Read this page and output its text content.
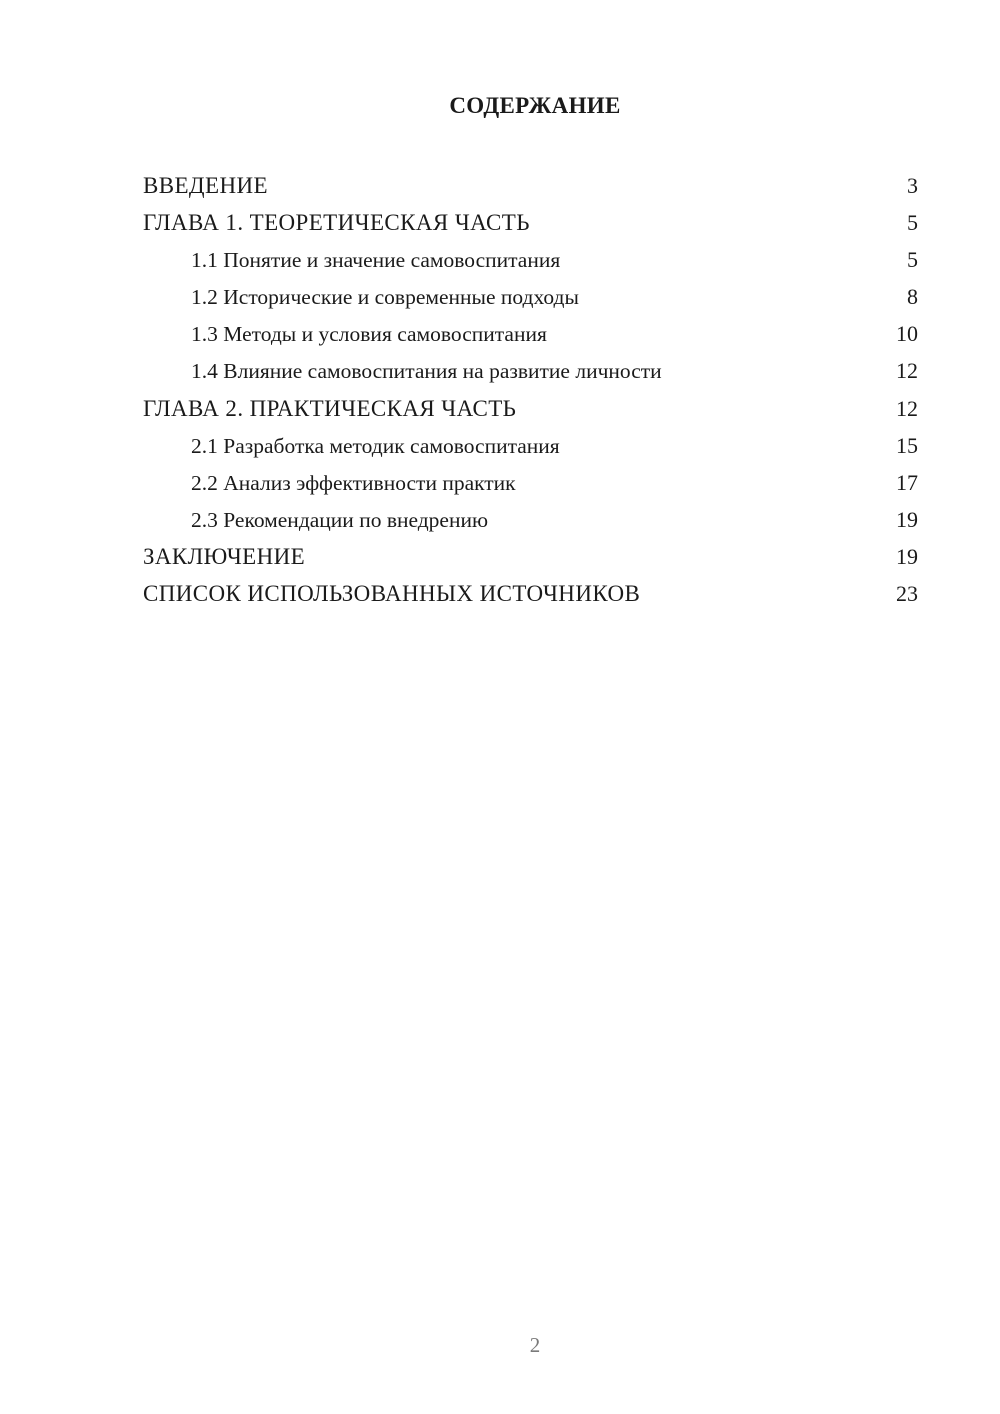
СОДЕРЖАНИЕ
ВВЕДЕНИЕ	3
ГЛАВА 1. ТЕОРЕТИЧЕСКАЯ ЧАСТЬ	5
1.1 Понятие и значение самовоспитания	5
1.2 Исторические и современные подходы	8
1.3 Методы и условия самовоспитания	10
1.4 Влияние самовоспитания на развитие личности	12
ГЛАВА 2. ПРАКТИЧЕСКАЯ ЧАСТЬ	12
2.1 Разработка методик самовоспитания	15
2.2 Анализ эффективности практик	17
2.3 Рекомендации по внедрению	19
ЗАКЛЮЧЕНИЕ	19
СПИСОК ИСПОЛЬЗОВАННЫХ ИСТОЧНИКОВ	23
2
